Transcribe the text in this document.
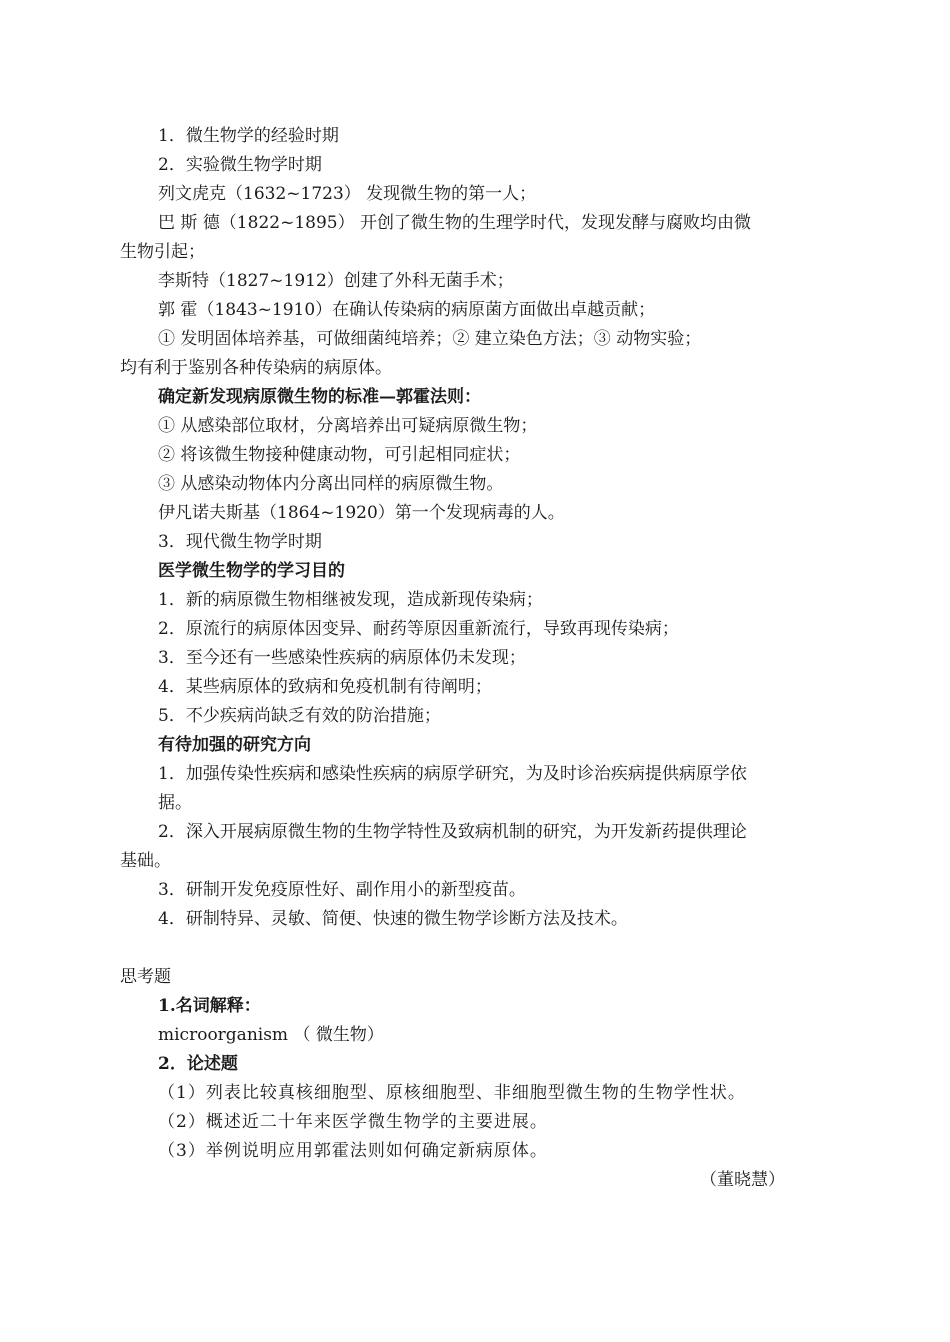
1．微生物学的经验时期
2．实验微生物学时期
列文虎克（1632~1723） 发现微生物的第一人；
巴 斯 德（1822~1895） 开创了微生物的生理学时代，发现发酵与腐败均由微
生物引起；
李斯特（1827~1912）创建了外科无菌手术；
郭 霍（1843~1910）在确认传染病的病原菌方面做出卓越贡献；
① 发明固体培养基，可做细菌纯培养；② 建立染色方法；③ 动物实验；
均有利于鉴别各种传染病的病原体。
确定新发现病原微生物的标准—郭霍法则：
① 从感染部位取材，分离培养出可疑病原微生物；
② 将该微生物接种健康动物，可引起相同症状；
③ 从感染动物体内分离出同样的病原微生物。
伊凡诺夫斯基（1864~1920）第一个发现病毒的人。
3．现代微生物学时期
医学微生物学的学习目的
1．新的病原微生物相继被发现，造成新现传染病；
2．原流行的病原体因变异、耐药等原因重新流行，导致再现传染病；
3．至今还有一些感染性疾病的病原体仍未发现；
4．某些病原体的致病和免疫机制有待阐明；
5．不少疾病尚缺乏有效的防治措施；
有待加强的研究方向
1．加强传染性疾病和感染性疾病的病原学研究，为及时诊治疾病提供病原学依
据。
2．深入开展病原微生物的生物学特性及致病机制的研究，为开发新药提供理论
基础。
3．研制开发免疫原性好、副作用小的新型疫苗。
4．研制特异、灵敏、简便、快速的微生物学诊断方法及技术。
思考题
1.名词解释：
microorganism （ 微生物）
2．论述题
（1）列表比较真核细胞型、原核细胞型、非细胞型微生物的生物学性状。
（2）概述近二十年来医学微生物学的主要进展。
（3）举例说明应用郭霍法则如何确定新病原体。
（董晓慧）
